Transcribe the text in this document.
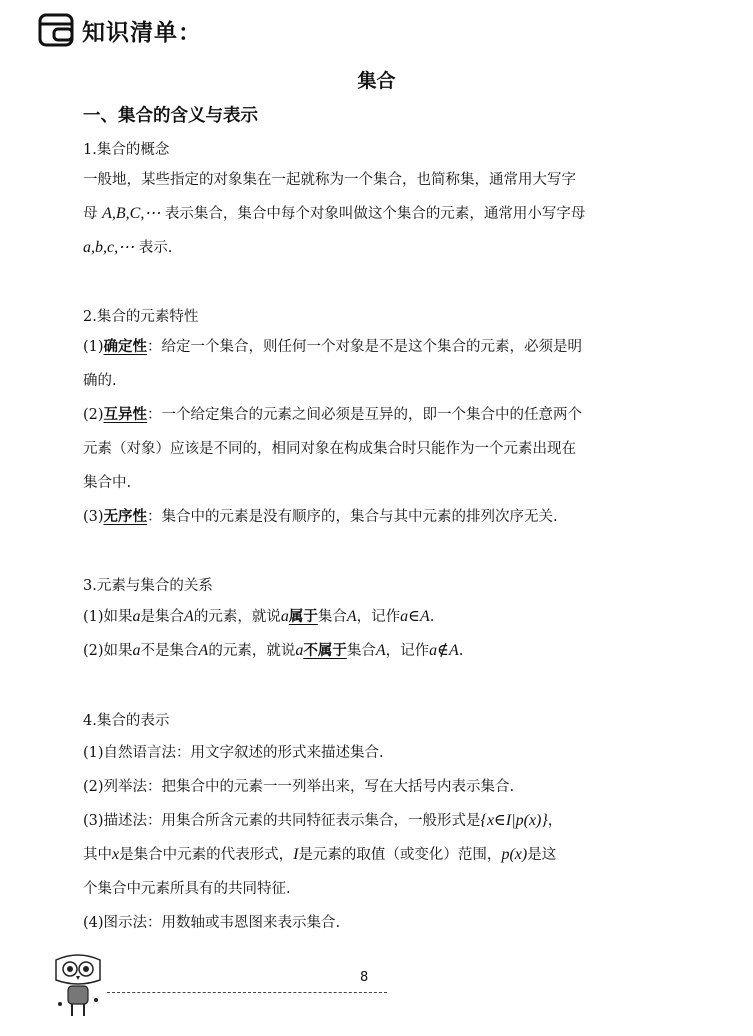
知识清单：
集合
一、集合的含义与表示
1.集合的概念
一般地，某些指定的对象集在一起就称为一个集合，也简称集，通常用大写字
母 A,B,C,⋯ 表示集合，集合中每个对象叫做这个集合的元素，通常用小写字母
a,b,c,⋯ 表示.
2.集合的元素特性
(1)确定性：给定一个集合，则任何一个对象是不是这个集合的元素，必须是明
确的.
(2)互异性：一个给定集合的元素之间必须是互异的，即一个集合中的任意两个
元素（对象）应该是不同的，相同对象在构成集合时只能作为一个元素出现在
集合中.
(3)无序性：集合中的元素是没有顺序的，集合与其中元素的排列次序无关.
3.元素与集合的关系
(1)如果a是集合A的元素，就说a属于集合A，记作a∈A.
(2)如果a不是集合A的元素，就说a不属于集合A，记作a∉A.
4.集合的表示
(1)自然语言法：用文字叙述的形式来描述集合.
(2)列举法：把集合中的元素一一列举出来，写在大括号内表示集合.
(3)描述法：用集合所含元素的共同特征表示集合，一般形式是{x∈I|p(x)}，
其中x是集合中元素的代表形式，I是元素的取值（或变化）范围，p(x)是这
个集合中元素所具有的共同特征.
(4)图示法：用数轴或韦恩图来表示集合.
8
